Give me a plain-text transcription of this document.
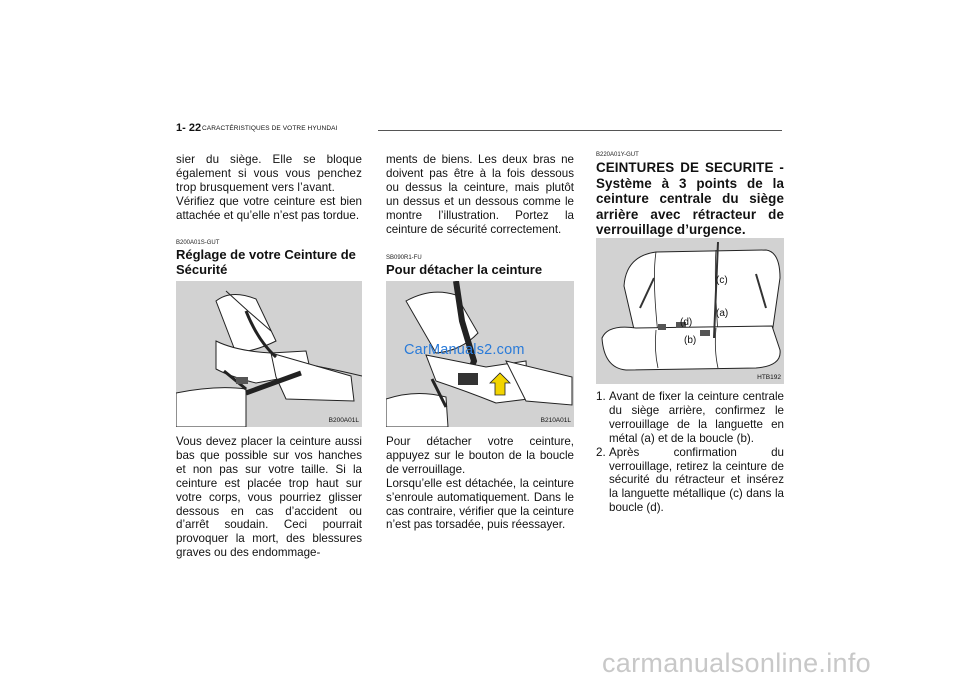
1- 22 CARACTÉRISTIQUES DE VOTRE HYUNDAI
sier du siège. Elle se bloque également si vous vous penchez trop brusquement vers l’avant.
Vérifiez que votre ceinture est bien attachée et qu’elle n’est pas tordue.
B200A01S-GUT
Réglage de votre Ceinture de Sécurité
B200A01L
Vous devez placer la ceinture aussi bas que possible sur vos hanches et non pas sur votre taille. Si la ceinture est placée trop haut sur votre corps, vous pourriez glisser dessous en cas d’accident ou d’arrêt soudain. Ceci pourrait provoquer la mort, des blessures graves ou des endommage-
ments de biens. Les deux bras ne doivent pas être à la fois dessous ou dessus la ceinture, mais plutôt un dessus et un dessous comme le montre l’illustration. Portez la ceinture de sécurité correctement.
SB090R1-FU
Pour détacher la ceinture
CarManuals2.com
B210A01L
Pour détacher votre ceinture, appuyez sur le bouton de la boucle de verrouillage.
Lorsqu’elle est détachée, la ceinture s’enroule automatiquement. Dans le cas contraire, vérifier que la ceinture n’est pas torsadée, puis réessayer.
B220A01Y-GUT
CEINTURES DE SECURITE - Système à 3 points de la ceinture centrale du siège arrière avec rétracteur de verrouillage d’urgence.
(c)
(a)
(d)
(b)
HTB192
1. Avant de fixer la ceinture centrale du siège arrière, confirmez le verrouillage de la languette en métal (a) et de la boucle (b).
2. Après confirmation du verrouillage, retirez la ceinture de sécurité du rétracteur et insérez la languette métallique (c) dans la boucle (d).
carmanualsonline.info
